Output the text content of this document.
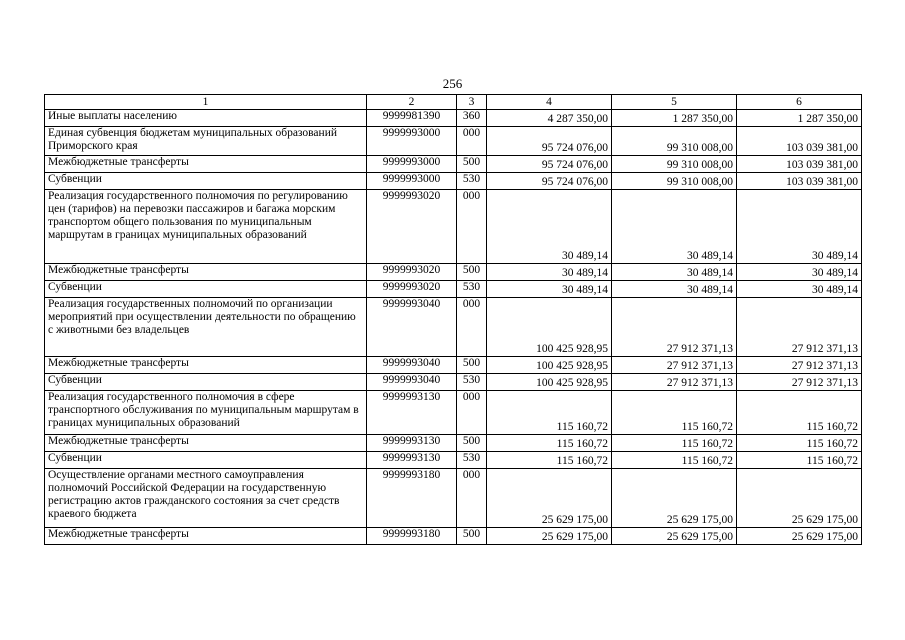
256
1	2	3	4	5	6
Иные выплаты населению	9999981390	360	4 287 350,00	1 287 350,00	1 287 350,00
Единая субвенция бюджетам муниципальных образований Приморского края	9999993000	000	95 724 076,00	99 310 008,00	103 039 381,00
Межбюджетные трансферты	9999993000	500	95 724 076,00	99 310 008,00	103 039 381,00
Субвенции	9999993000	530	95 724 076,00	99 310 008,00	103 039 381,00
Реализация государственного полномочия по регулированию цен (тарифов) на перевозки пассажиров и багажа морским транспортом общего пользования по муниципальным маршрутам в границах муниципальных образований	9999993020	000	30 489,14	30 489,14	30 489,14
Межбюджетные трансферты	9999993020	500	30 489,14	30 489,14	30 489,14
Субвенции	9999993020	530	30 489,14	30 489,14	30 489,14
Реализация государственных полномочий по организации мероприятий при осуществлении деятельности по обращению с животными без владельцев	9999993040	000	100 425 928,95	27 912 371,13	27 912 371,13
Межбюджетные трансферты	9999993040	500	100 425 928,95	27 912 371,13	27 912 371,13
Субвенции	9999993040	530	100 425 928,95	27 912 371,13	27 912 371,13
Реализация государственного полномочия в сфере транспортного обслуживания по муниципальным маршрутам в границах муниципальных образований	9999993130	000	115 160,72	115 160,72	115 160,72
Межбюджетные трансферты	9999993130	500	115 160,72	115 160,72	115 160,72
Субвенции	9999993130	530	115 160,72	115 160,72	115 160,72
Осуществление органами местного самоуправления полномочий Российской Федерации на государственную регистрацию актов гражданского состояния за счет средств краевого бюджета	9999993180	000	25 629 175,00	25 629 175,00	25 629 175,00
Межбюджетные трансферты	9999993180	500	25 629 175,00	25 629 175,00	25 629 175,00
